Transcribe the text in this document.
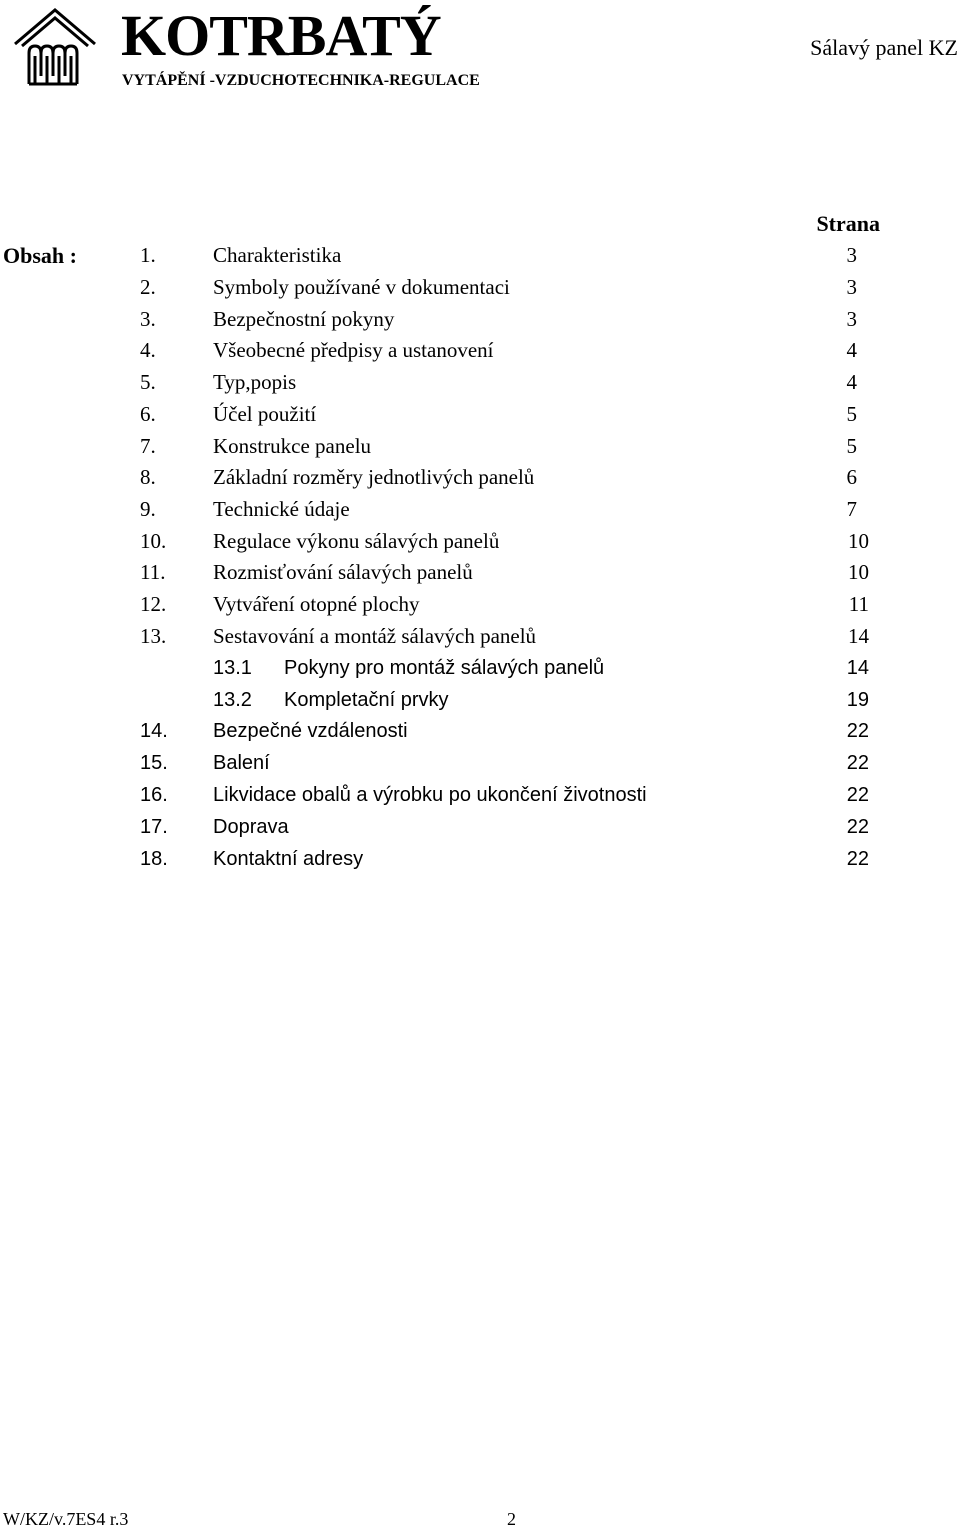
KOTRBATÝ
VYTÁPĚNÍ -VZDUCHOTECHNIKA-REGULACE
Sálavý panel KZ
Strana
Obsah :	1.	Charakteristika	3
2.	Symboly používané v dokumentaci	3
3.	Bezpečnostní pokyny	3
4.	Všeobecné předpisy a ustanovení	4
5.	Typ,popis	4
6.	Účel použití	5
7.	Konstrukce panelu	5
8.	Základní rozměry jednotlivých panelů	6
9.	Technické údaje	7
10. Regulace výkonu sálavých panelů	10
11. Rozmisťování sálavých panelů	10
12. Vytváření otopné plochy	11
13. Sestavování a montáž sálavých panelů	14
13.1 Pokyny pro montáž sálavých panelů	14
13.2 Kompletační prvky	19
14. Bezpečné vzdálenosti	22
15. Balení	22
16. Likvidace obalů a výrobku po ukončení životnosti	22
17. Doprava	22
18. Kontaktní adresy	22
W/KZ/v.7ES4 r.3	2
